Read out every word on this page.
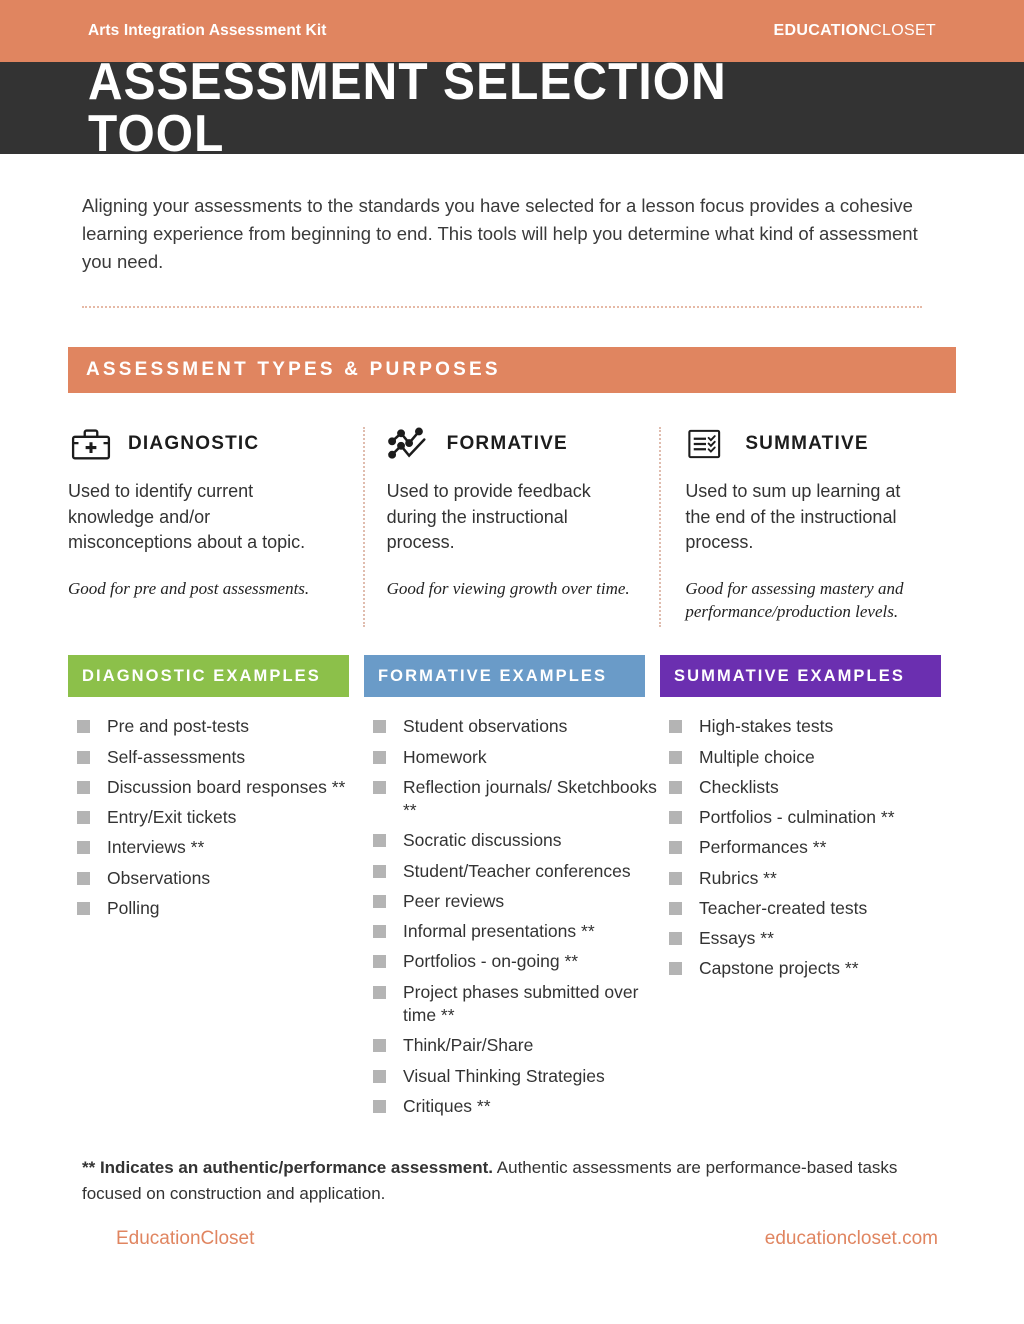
Arts Integration Assessment Kit	EDUCATIONCLOSET
ASSESSMENT SELECTION TOOL

Aligning your assessments to the standards you have selected for a lesson focus provides a cohesive learning experience from beginning to end. This tools will help you determine what kind of assessment you need.

ASSESSMENT TYPES & PURPOSES
DIAGNOSTIC
Used to identify current knowledge and/or misconceptions about a topic.
Good for pre and post assessments.
FORMATIVE
Used to provide feedback during the instructional process.
Good for viewing growth over time.
SUMMATIVE
Used to sum up learning at the end of the instructional process.
Good for assessing mastery and performance/production levels.
DIAGNOSTIC EXAMPLES
Pre and post-tests
Self-assessments
Discussion board responses **
Entry/Exit tickets
Interviews **
Observations
Polling
FORMATIVE EXAMPLES
Student observations
Homework
Reflection journals/ Sketchbooks **
Socratic discussions
Student/Teacher conferences
Peer reviews
Informal presentations **
Portfolios - on-going **
Project phases submitted over time **
Think/Pair/Share
Visual Thinking Strategies
Critiques **
SUMMATIVE EXAMPLES
High-stakes tests
Multiple choice
Checklists
Portfolios - culmination **
Performances **
Rubrics **
Teacher-created tests
Essays **
Capstone projects **

** Indicates an authentic/performance assessment. Authentic assessments are performance-based tasks focused on construction and application.

EducationCloset	educationcloset.com
